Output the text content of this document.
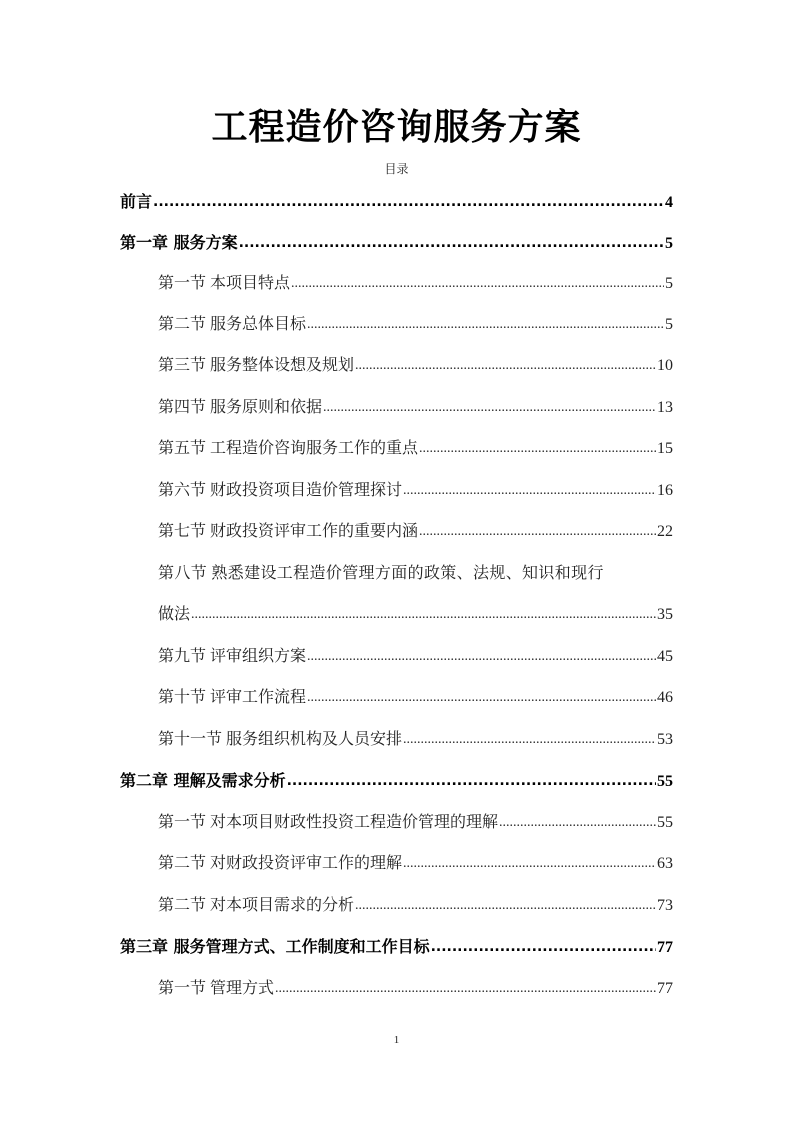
工程造价咨询服务方案
目录
前言 .....	4
第一章 服务方案 .....	5
第一节 本项目特点 .....	5
第二节 服务总体目标 .....	5
第三节 服务整体设想及规划 .....	10
第四节 服务原则和依据 .....	13
第五节 工程造价咨询服务工作的重点 .....	15
第六节 财政投资项目造价管理探讨 .....	16
第七节 财政投资评审工作的重要内涵 .....	22
第八节 熟悉建设工程造价管理方面的政策、法规、知识和现行
做法 .....	35
第九节 评审组织方案 .....	45
第十节 评审工作流程 .....	46
第十一节 服务组织机构及人员安排 .....	53
第二章 理解及需求分析 .....	55
第一节 对本项目财政性投资工程造价管理的理解 .....	55
第二节 对财政投资评审工作的理解 .....	63
第二节 对本项目需求的分析 .....	73
第三章 服务管理方式、工作制度和工作目标 .....	77
第一节 管理方式 .....	77
1
